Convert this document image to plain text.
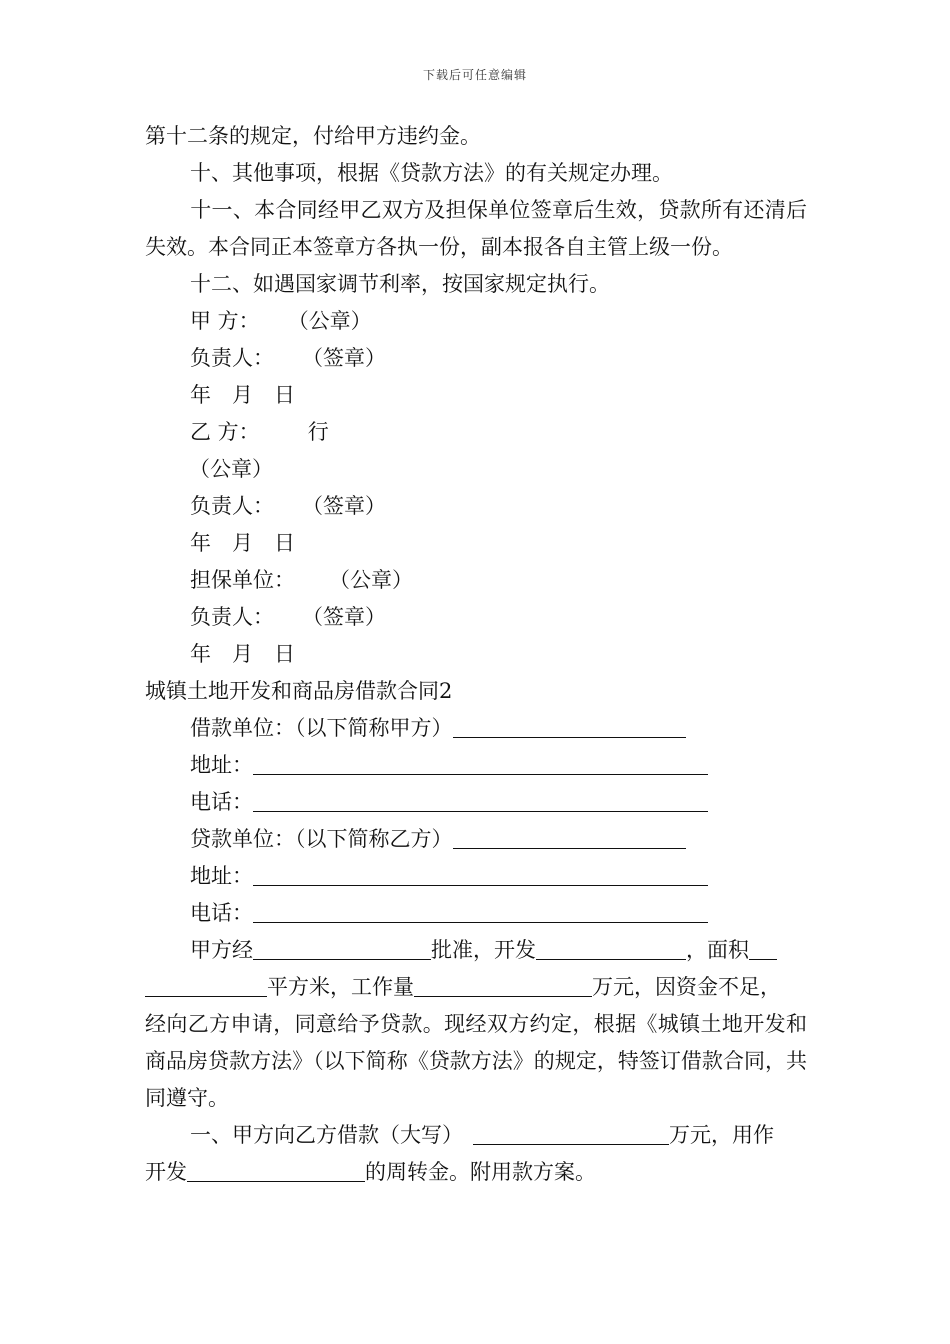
下载后可任意编辑

第十二条的规定，付给甲方违约金。

十、其他事项，根据《贷款方法》的有关规定办理。

十一、本合同经甲乙双方及担保单位签章后生效，贷款所有还清后失效。本合同正本签章方各执一份，副本报各自主管上级一份。

十二、如遇国家调节利率，按国家规定执行。

甲 方： （公章）

负责人： （签章）

年　月　日

乙 方： 行

（公章）

负责人： （签章）

年　月　日

担保单位： （公章）

负责人： （签章）

年　月　日

城镇土地开发和商品房借款合同2

借款单位：（以下简称甲方）

地址：

电话：

贷款单位：（以下简称乙方）

地址：

电话：

甲方经	批准，开发	，面积

平方米，工作量	万元，因资金不足，

经向乙方申请，同意给予贷款。现经双方约定，根据《城镇土地开发和商品房贷款方法》（以下简称《贷款方法》的规定，特签订借款合同，共同遵守。

一、甲方向乙方借款（大写）	万元，用作

开发	的周转金。附用款方案。
